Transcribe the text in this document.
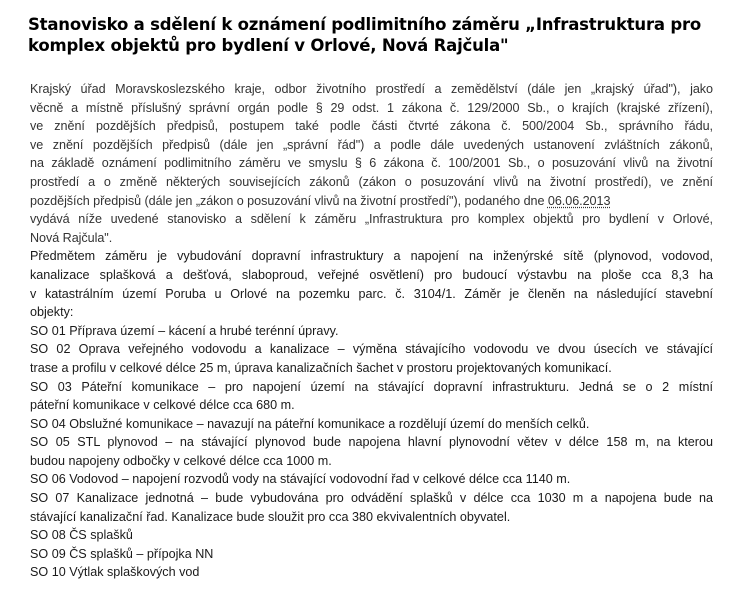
Stanovisko a sdělení k oznámení podlimitního záměru „Infrastruktura pro
komplex objektů pro bydlení v Orlové, Nová Rajčula"

Krajský úřad Moravskoslezského kraje, odbor životního prostředí a zemědělství (dále jen „krajský úřad"), jako
věcně a místně příslušný správní orgán podle § 29 odst. 1 zákona č. 129/2000 Sb., o krajích (krajské zřízení),
ve znění pozdějších předpisů, postupem také podle části čtvrté zákona č. 500/2004 Sb., správního řádu,
ve znění pozdějších předpisů (dále jen „správní řád") a podle dále uvedených ustanovení zvláštních zákonů,
na základě oznámení podlimitního záměru ve smyslu § 6 zákona č. 100/2001 Sb., o posuzování vlivů na životní
prostředí a o změně některých souvisejících zákonů (zákon o posuzování vlivů na životní prostředí), ve znění
pozdějších předpisů (dále jen „zákon o posuzování vlivů na životní prostředí"), podaného dne 06.06.2013
vydává níže uvedené stanovisko a sdělení k záměru „Infrastruktura pro komplex objektů pro bydlení v Orlové,
Nová Rajčula".

Předmětem záměru je vybudování dopravní infrastruktury a napojení na inženýrské sítě (plynovod, vodovod,
kanalizace splašková a dešťová, slaboproud, veřejné osvětlení) pro budoucí výstavbu na ploše cca 8,3 ha
v katastrálním území Poruba u Orlové na pozemku parc. č. 3104/1. Záměr je členěn na následující stavební
objekty:

SO 01 Příprava území – kácení a hrubé terénní úpravy.

SO 02 Oprava veřejného vodovodu a kanalizace – výměna stávajícího vodovodu ve dvou úsecích ve stávající
trase a profilu v celkové délce 25 m, úprava kanalizačních šachet v prostoru projektovaných komunikací.

SO 03 Páteřní komunikace – pro napojení území na stávající dopravní infrastrukturu. Jedná se o 2 místní
páteřní komunikace v celkové délce cca 680 m.

SO 04 Obslužné komunikace – navazují na páteřní komunikace a rozdělují území do menších celků.

SO 05 STL plynovod – na stávající plynovod bude napojena hlavní plynovodní větev v délce 158 m, na kterou
budou napojeny odbočky v celkové délce cca 1000 m.

SO 06 Vodovod – napojení rozvodů vody na stávající vodovodní řad v celkové délce cca 1140 m.

SO 07 Kanalizace jednotná – bude vybudována pro odvádění splašků v délce cca 1030 m a napojena bude na
stávající kanalizační řad. Kanalizace bude sloužit pro cca 380 ekvivalentních obyvatel.

SO 08 ČS splašků

SO 09 ČS splašků – přípojka NN

SO 10 Výtlak splaškových vod
